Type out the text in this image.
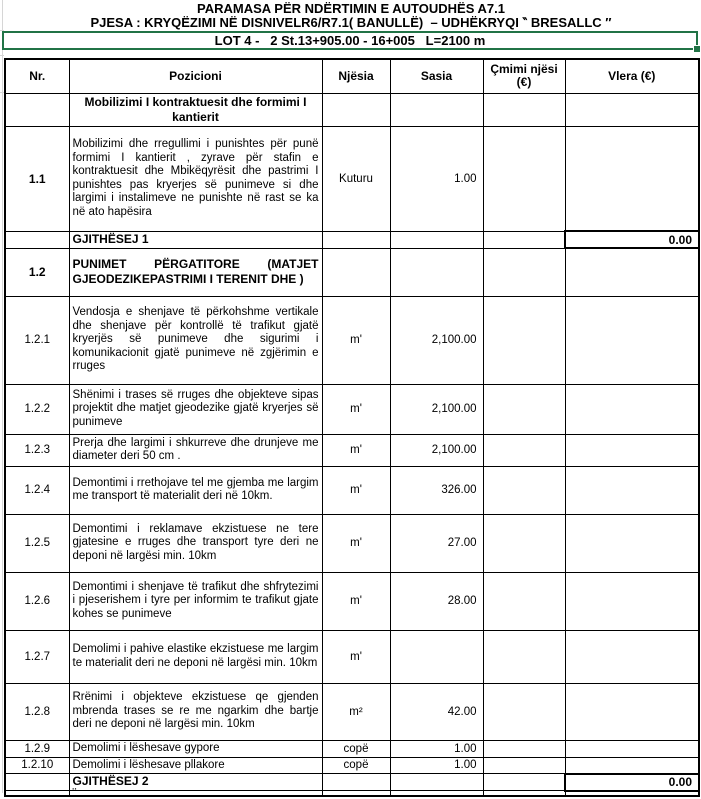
PARAMASA PËR NDËRTIMIN E AUTOUDHËS A7.1
PJESA : KRYQËZIMI NË DISNIVELR6/R7.1( BANULLË)  – UDHËKRYQI ‶ BRESALLC ″
LOT 4 -   2 St.13+905.00 - 16+005   L=2100 m
Nr.	Pozicioni	Njësia	Sasia	Çmimi njësi (€)	Vlera (€)
	Mobilizimi I kontraktuesit dhe formimi I kantierit				
1.1	Mobilizimi dhe rregullimi i punishtes për punë formimi I kantierit , zyrave për stafin e kontraktuesit dhe Mbikëqyrësit dhe pastrimi I punishtes pas kryerjes së punimeve si dhe largimi i instalimeve ne punishte në rast se ka në ato hapësira	Kuturu	1.00		
	GJITHËSEJ 1				0.00
1.2	PUNIMET PËRGATITORE (MATJET GJEODEZIKEPASTRIMI I TERENIT DHE )				
1.2.1	Vendosja e shenjave të përkohshme vertikale dhe shenjave për kontrollë të trafikut gjatë kryerjës së punimeve dhe sigurimi i komunikacionit gjatë punimeve në zgjërimin e rruges	m'	2,100.00		
1.2.2	Shënimi i trases së rruges dhe objekteve sipas projektit dhe matjet gjeodezike gjatë kryerjes së punimeve	m'	2,100.00		
1.2.3	Prerja dhe largimi i shkurreve dhe drunjeve me diameter deri 50 cm .	m'	2,100.00		
1.2.4	Demontimi i rrethojave tel me gjemba me largim me transport të materialit deri në 10km.	m'	326.00		
1.2.5	Demontimi i reklamave ekzistuese ne tere gjatesine e rruges dhe transport tyre deri ne deponi në largësi min. 10km	m'	27.00		
1.2.6	Demontimi i shenjave të trafikut dhe shfrytezimi i pjeserishem i tyre per informim te trafikut gjate kohes se punimeve	m'	28.00		
1.2.7	Demolimi i pahive elastike ekzistuese me largim te materialit deri ne deponi në largësi min. 10km	m'			
1.2.8	Rrënimi i objekteve ekzistuese qe gjenden mbrenda trases se re me ngarkim dhe bartje deri ne deponi në largësi min. 10km	m²	42.00		
1.2.9	Demolimi i lëshesave gypore	copë	1.00		
1.2.10	Demolimi i lëshesave pllakore	copë	1.00		
	GJITHËSEJ 2				0.00

	¨				
